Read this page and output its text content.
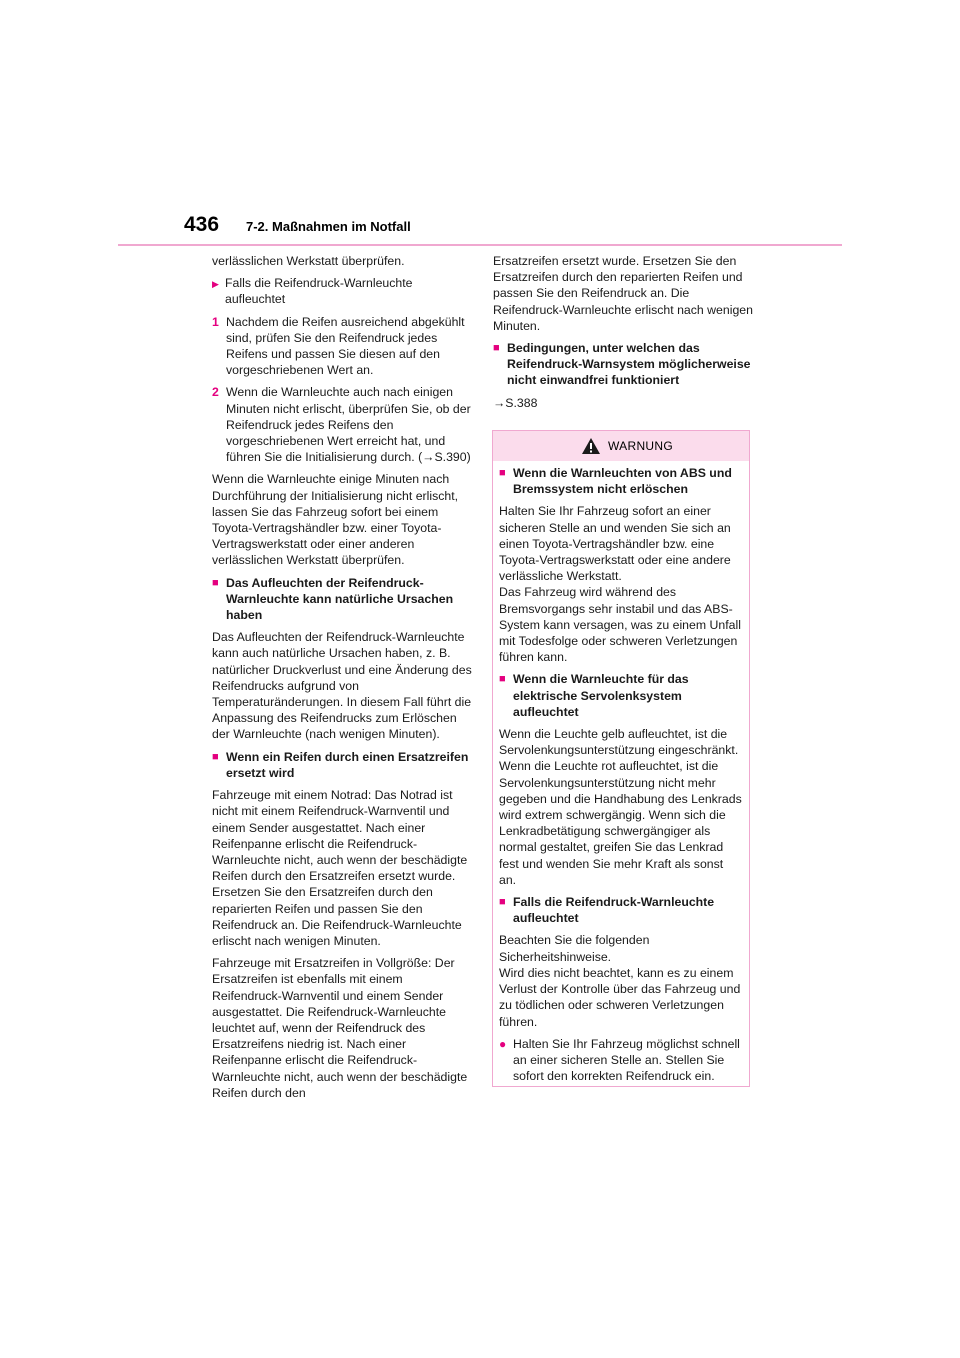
436 7-2. Maßnahmen im Notfall

verlässlichen Werkstatt überprüfen.

▶ Falls die Reifendruck-Warnleuchte aufleuchtet
1 Nachdem die Reifen ausreichend abgekühlt sind, prüfen Sie den Reifendruck jedes Reifens und passen Sie diesen auf den vorgeschriebenen Wert an.
2 Wenn die Warnleuchte auch nach einigen Minuten nicht erlischt, überprüfen Sie, ob der Reifendruck jedes Reifens den vorgeschriebenen Wert erreicht hat, und führen Sie die Initialisierung durch. (→S.390)

Wenn die Warnleuchte einige Minuten nach Durchführung der Initialisierung nicht erlischt, lassen Sie das Fahrzeug sofort bei einem Toyota-Vertragshändler bzw. einer Toyota-Vertragswerkstatt oder einer anderen verlässlichen Werkstatt überprüfen.

■ Das Aufleuchten der Reifendruck-Warnleuchte kann natürliche Ursachen haben

Das Aufleuchten der Reifendruck-Warnleuchte kann auch natürliche Ursachen haben, z. B. natürlicher Druckverlust und eine Änderung des Reifendrucks aufgrund von Temperaturänderungen. In diesem Fall führt die Anpassung des Reifendrucks zum Erlöschen der Warnleuchte (nach wenigen Minuten).

■ Wenn ein Reifen durch einen Ersatzreifen ersetzt wird

Fahrzeuge mit einem Notrad: Das Notrad ist nicht mit einem Reifendruck-Warnventil und einem Sender ausgestattet. Nach einer Reifenpanne erlischt die Reifendruck-Warnleuchte nicht, auch wenn der beschädigte Reifen durch den Ersatzreifen ersetzt wurde. Ersetzen Sie den Ersatzreifen durch den reparierten Reifen und passen Sie den Reifendruck an. Die Reifendruck-Warnleuchte erlischt nach wenigen Minuten.

Fahrzeuge mit Ersatzreifen in Vollgröße: Der Ersatzreifen ist ebenfalls mit einem Reifendruck-Warnventil und einem Sender ausgestattet. Die Reifendruck-Warnleuchte leuchtet auf, wenn der Reifendruck des Ersatzreifens niedrig ist. Nach einer Reifenpanne erlischt die Reifendruck-Warnleuchte nicht, auch wenn der beschädigte Reifen durch den

Ersatzreifen ersetzt wurde. Ersetzen Sie den Ersatzreifen durch den reparierten Reifen und passen Sie den Reifendruck an. Die Reifendruck-Warnleuchte erlischt nach wenigen Minuten.

■ Bedingungen, unter welchen das Reifendruck-Warnsystem möglicherweise nicht einwandfrei funktioniert

→S.388

WARNUNG
■ Wenn die Warnleuchten von ABS und Bremssystem nicht erlöschen

Halten Sie Ihr Fahrzeug sofort an einer sicheren Stelle an und wenden Sie sich an einen Toyota-Vertragshändler bzw. eine Toyota-Vertragswerkstatt oder eine andere verlässliche Werkstatt.
Das Fahrzeug wird während des Bremsvorgangs sehr instabil und das ABS-System kann versagen, was zu einem Unfall mit Todesfolge oder schweren Verletzungen führen kann.

■ Wenn die Warnleuchte für das elektrische Servolenksystem aufleuchtet

Wenn die Leuchte gelb aufleuchtet, ist die Servolenkungsunterstützung eingeschränkt. Wenn die Leuchte rot aufleuchtet, ist die Servolenkungsunterstützung nicht mehr gegeben und die Handhabung des Lenkrads wird extrem schwergängig. Wenn sich die Lenkradbetätigung schwergängiger als normal gestaltet, greifen Sie das Lenkrad fest und wenden Sie mehr Kraft als sonst an.

■ Falls die Reifendruck-Warnleuchte aufleuchtet

Beachten Sie die folgenden Sicherheitshinweise.
Wird dies nicht beachtet, kann es zu einem Verlust der Kontrolle über das Fahrzeug und zu tödlichen oder schweren Verletzungen führen.

● Halten Sie Ihr Fahrzeug möglichst schnell an einer sicheren Stelle an. Stellen Sie sofort den korrekten Reifendruck ein.
